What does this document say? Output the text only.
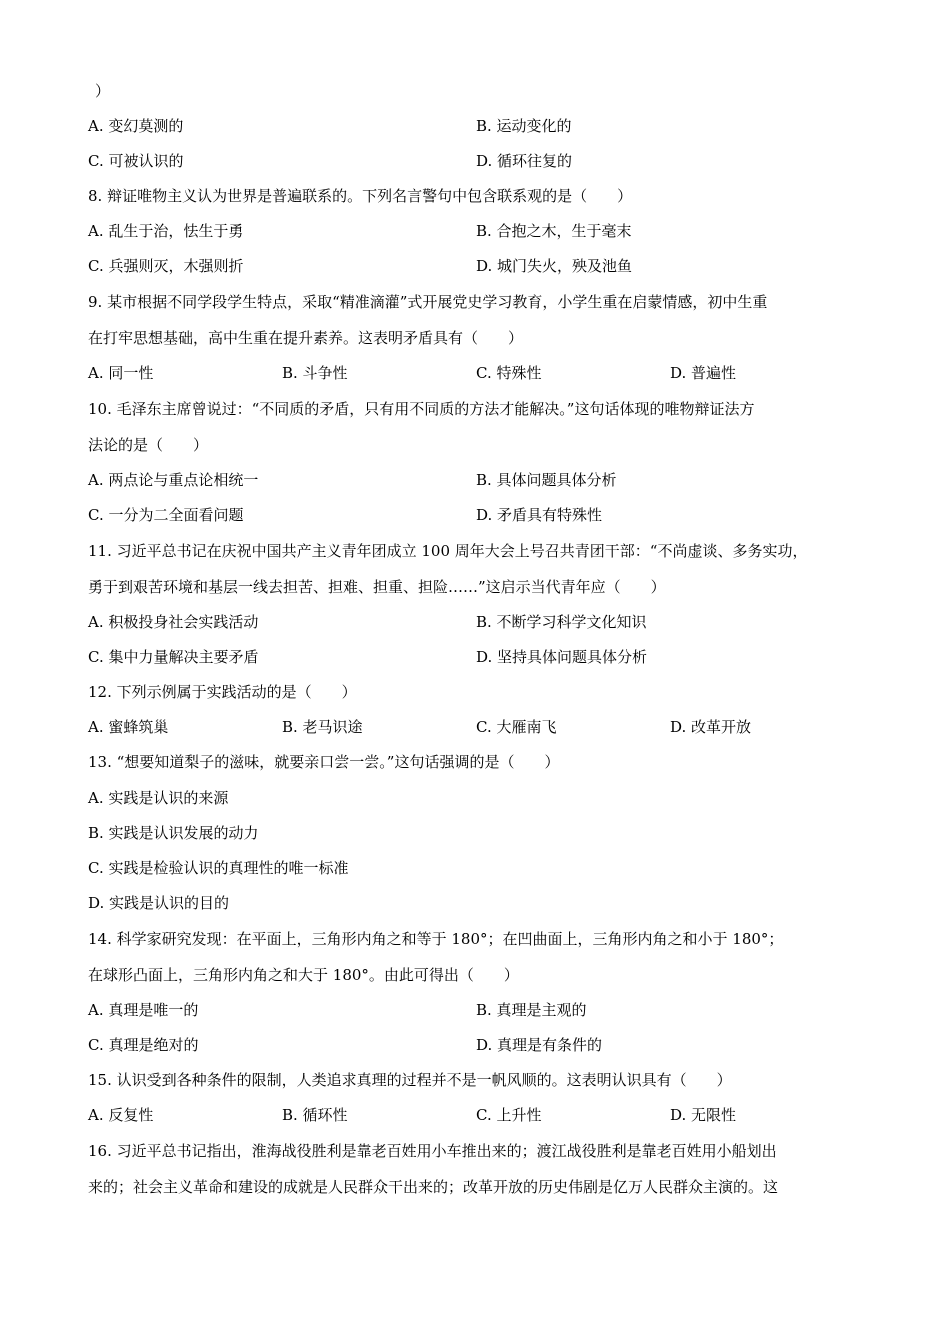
）
A. 变幻莫测的	B. 运动变化的
C. 可被认识的	D. 循环往复的
8. 辩证唯物主义认为世界是普遍联系的。下列名言警句中包含联系观的是（　　）
A. 乱生于治，怯生于勇	B. 合抱之木，生于毫末
C. 兵强则灭，木强则折	D. 城门失火，殃及池鱼
9. 某市根据不同学段学生特点，采取“精准滴灌”式开展党史学习教育，小学生重在启蒙情感，初中生重
在打牢思想基础，高中生重在提升素养。这表明矛盾具有（　　）
A. 同一性	B. 斗争性	C. 特殊性	D. 普遍性
10. 毛泽东主席曾说过：“不同质的矛盾，只有用不同质的方法才能解决。”这句话体现的唯物辩证法方
法论的是（　　）
A. 两点论与重点论相统一	B. 具体问题具体分析
C. 一分为二全面看问题	D. 矛盾具有特殊性
11. 习近平总书记在庆祝中国共产主义青年团成立 100 周年大会上号召共青团干部：“不尚虚谈、多务实功，
勇于到艰苦环境和基层一线去担苦、担难、担重、担险……”这启示当代青年应（　　）
A. 积极投身社会实践活动	B. 不断学习科学文化知识
C. 集中力量解决主要矛盾	D. 坚持具体问题具体分析
12. 下列示例属于实践活动的是（　　）
A. 蜜蜂筑巢	B. 老马识途	C. 大雁南飞	D. 改革开放
13. “想要知道梨子的滋味，就要亲口尝一尝。”这句话强调的是（　　）
A. 实践是认识的来源
B. 实践是认识发展的动力
C. 实践是检验认识的真理性的唯一标准
D. 实践是认识的目的
14. 科学家研究发现：在平面上，三角形内角之和等于 180°；在凹曲面上，三角形内角之和小于 180°；
在球形凸面上，三角形内角之和大于 180°。由此可得出（　　）
A. 真理是唯一的	B. 真理是主观的
C. 真理是绝对的	D. 真理是有条件的
15. 认识受到各种条件的限制，人类追求真理的过程并不是一帆风顺的。这表明认识具有（　　）
A. 反复性	B. 循环性	C. 上升性	D. 无限性
16. 习近平总书记指出，淮海战役胜利是靠老百姓用小车推出来的；渡江战役胜利是靠老百姓用小船划出
来的；社会主义革命和建设的成就是人民群众干出来的；改革开放的历史伟剧是亿万人民群众主演的。这
